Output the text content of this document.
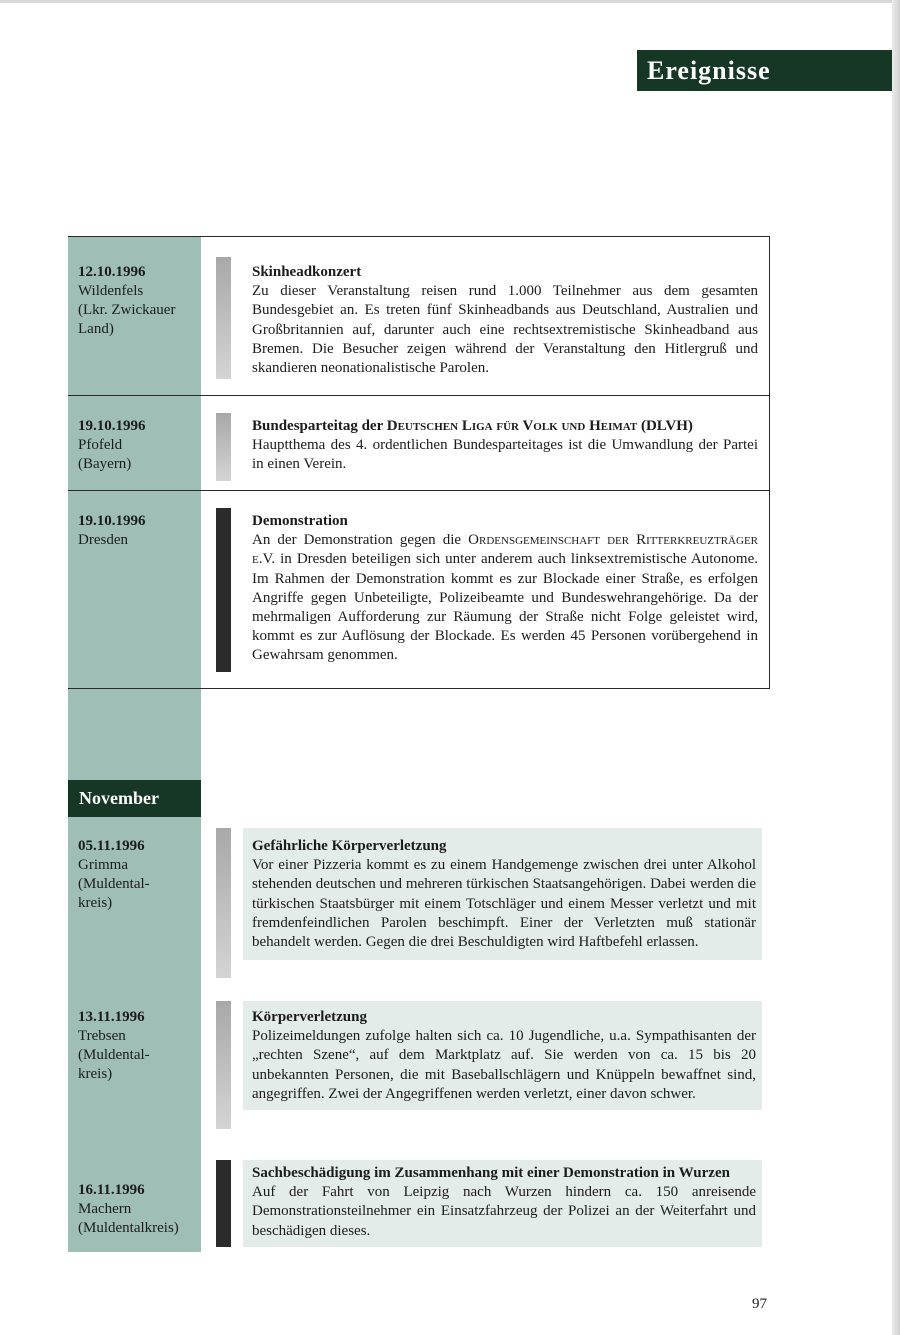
Ereignisse
12.10.1996
Wildenfels
(Lkr. Zwickauer
Land)
Skinheadkonzert
Zu dieser Veranstaltung reisen rund 1.000 Teilnehmer aus dem gesamten Bundesgebiet an. Es treten fünf Skinheadbands aus Deutschland, Australien und Großbritannien auf, darunter auch eine rechtsextremistische Skinheadband aus Bremen. Die Besucher zeigen während der Veranstaltung den Hitlergruß und skandieren neonationalistische Parolen.
19.10.1996
Pfofeld
(Bayern)
Bundesparteitag der Deutschen Liga für Volk und Heimat (DLVH)
Hauptthema des 4. ordentlichen Bundesparteitages ist die Umwandlung der Partei in einen Verein.
19.10.1996
Dresden
Demonstration
An der Demonstration gegen die Ordensgemeinschaft der Ritterkreuzträger e.V. in Dresden beteiligen sich unter anderem auch linksextremistische Autonome. Im Rahmen der Demonstration kommt es zur Blockade einer Straße, es erfolgen Angriffe gegen Unbeteiligte, Polizeibeamte und Bundeswehrangehörige. Da der mehrmaligen Aufforderung zur Räumung der Straße nicht Folge geleistet wird, kommt es zur Auflösung der Blockade. Es werden 45 Personen vorübergehend in Gewahrsam genommen.
November
05.11.1996
Grimma
(Muldental-
kreis)
Gefährliche Körperverletzung
Vor einer Pizzeria kommt es zu einem Handgemenge zwischen drei unter Alkohol stehenden deutschen und mehreren türkischen Staatsangehörigen. Dabei werden die türkischen Staatsbürger mit einem Totschläger und einem Messer verletzt und mit fremdenfeindlichen Parolen beschimpft. Einer der Verletzten muß stationär behandelt werden. Gegen die drei Beschuldigten wird Haftbefehl erlassen.
13.11.1996
Trebsen
(Muldental-
kreis)
Körperverletzung
Polizeimeldungen zufolge halten sich ca. 10 Jugendliche, u.a. Sympathisanten der „rechten Szene“, auf dem Marktplatz auf. Sie werden von ca. 15 bis 20 unbekannten Personen, die mit Baseballschlägern und Knüppeln bewaffnet sind, angegriffen. Zwei der Angegriffenen werden verletzt, einer davon schwer.
16.11.1996
Machern
(Muldentalkreis)
Sachbeschädigung im Zusammenhang mit einer Demonstration in Wurzen
Auf der Fahrt von Leipzig nach Wurzen hindern ca. 150 anreisende Demonstrationsteilnehmer ein Einsatzfahrzeug der Polizei an der Weiterfahrt und beschädigen dieses.
97
